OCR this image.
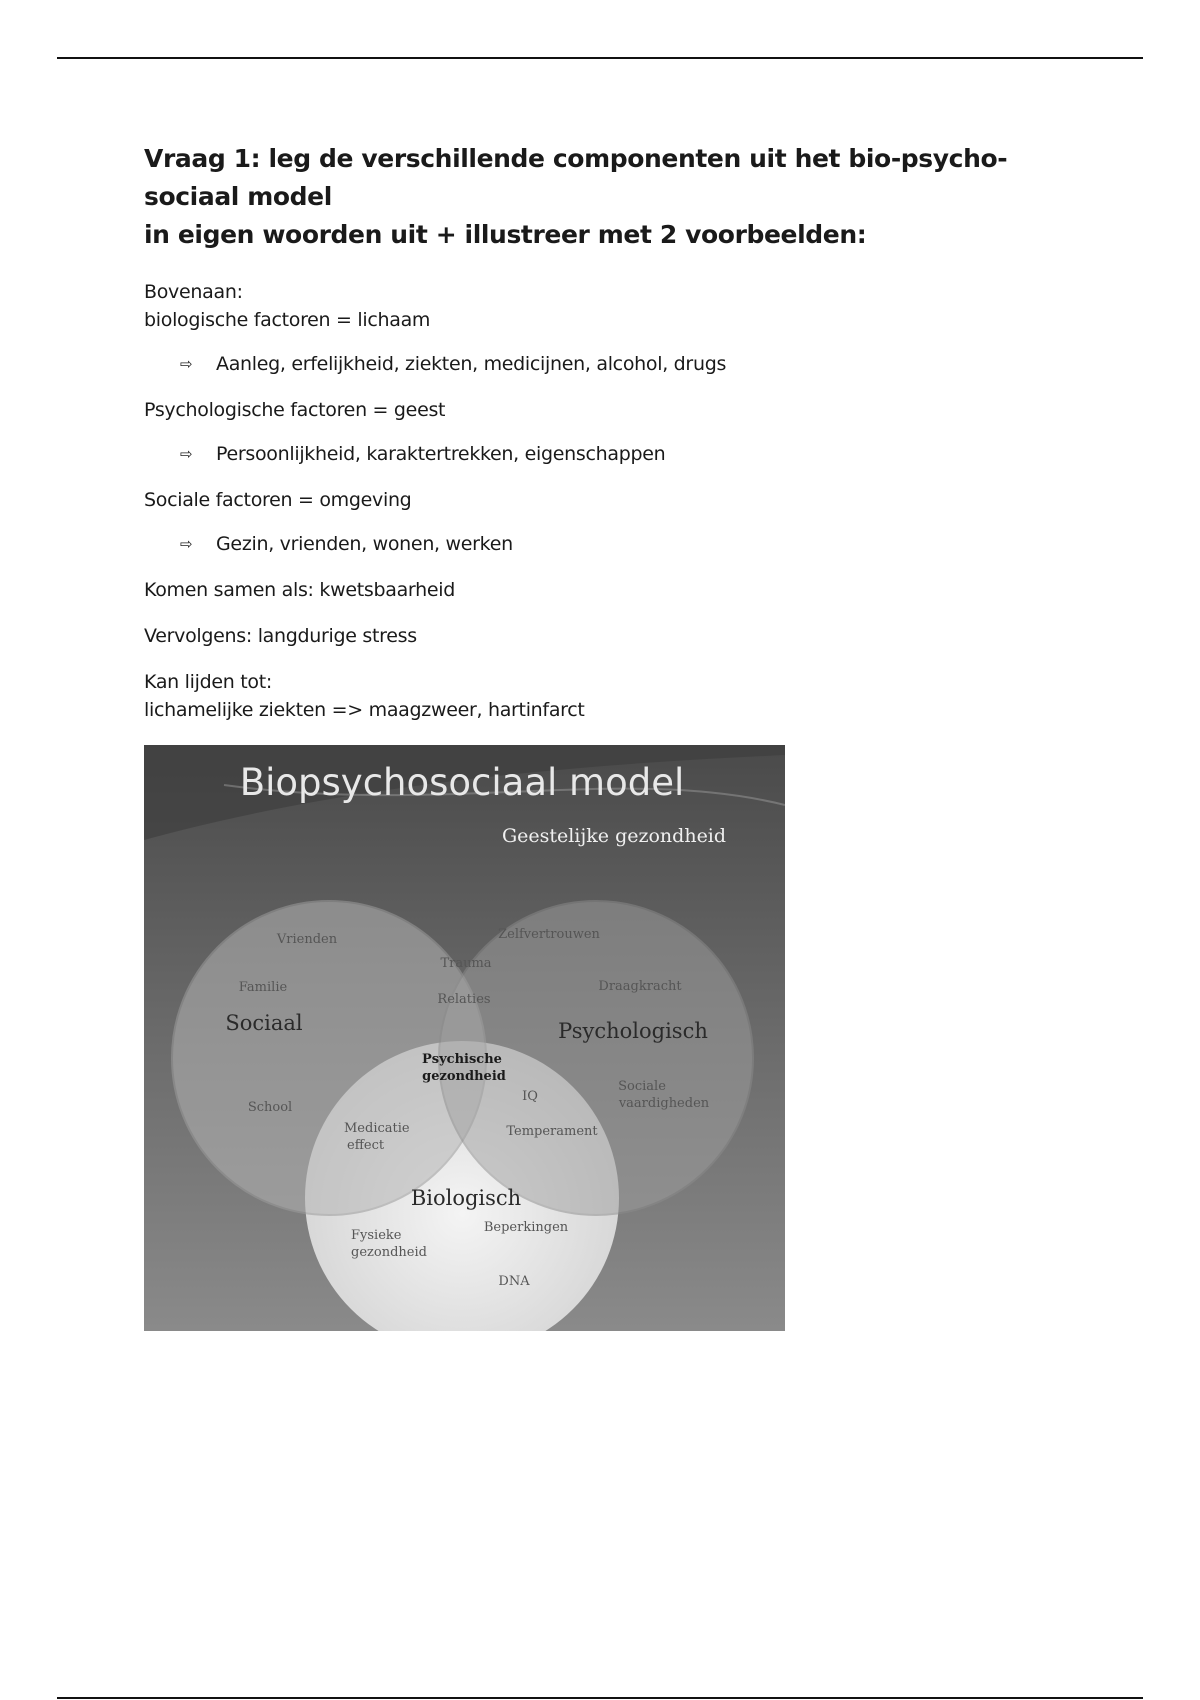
Vraag 1: leg de verschillende componenten uit het bio-psycho-sociaal model
in eigen woorden uit + illustreer met 2 voorbeelden:
Bovenaan:
biologische factoren = lichaam
⇨	Aanleg, erfelijkheid, ziekten, medicijnen, alcohol, drugs
Psychologische factoren = geest
⇨	Persoonlijkheid, karaktertrekken, eigenschappen
Sociale factoren = omgeving
⇨	Gezin, vrienden, wonen, werken
Komen samen als: kwetsbaarheid
Vervolgens: langdurige stress
Kan lijden tot:
lichamelijke ziekten => maagzweer, hartinfarct
Biopsychosociaal model
Geestelijke gezondheid
Sociaal	Psychologisch
Biologisch
Vrienden
Familie
School
Zelfvertrouwen
Draagkracht
Sociale
vaardigheden
Trauma
Relaties
Psychische
gezondheid
IQ
Temperament
Medicatie
effect
Beperkingen
Fysieke
gezondheid
DNA
